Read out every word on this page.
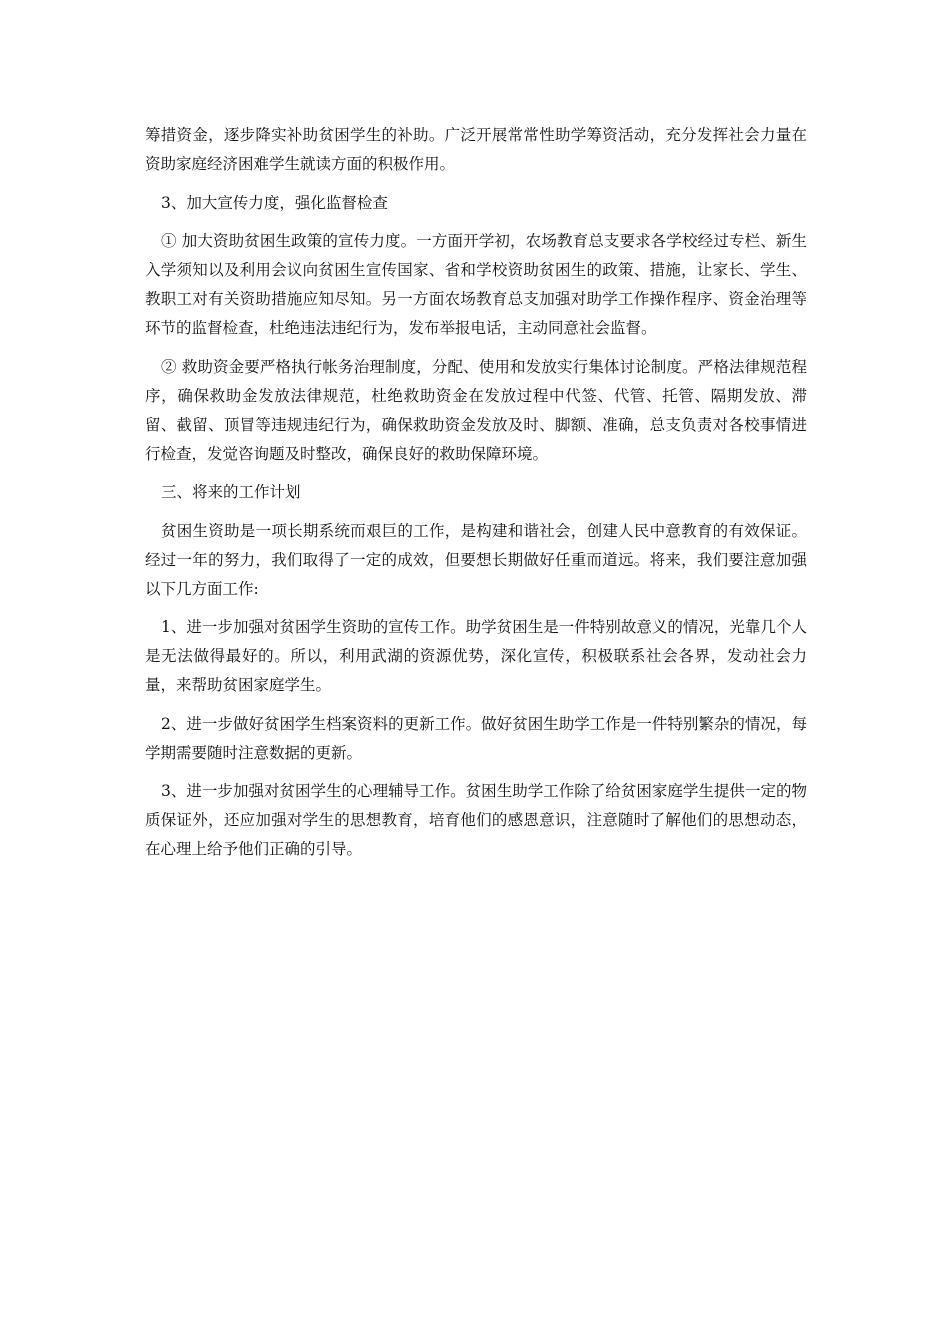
筹措资金，逐步降实补助贫困学生的补助。广泛开展常常性助学筹资活动，充分发挥社会力量在资助家庭经济困难学生就读方面的积极作用。

3、加大宣传力度，强化监督检查

① 加大资助贫困生政策的宣传力度。一方面开学初，农场教育总支要求各学校经过专栏、新生入学须知以及利用会议向贫困生宣传国家、省和学校资助贫困生的政策、措施，让家长、学生、教职工对有关资助措施应知尽知。另一方面农场教育总支加强对助学工作操作程序、资金治理等环节的监督检查，杜绝违法违纪行为，发布举报电话，主动同意社会监督。

② 救助资金要严格执行帐务治理制度，分配、使用和发放实行集体讨论制度。严格法律规范程序，确保救助金发放法律规范，杜绝救助资金在发放过程中代签、代管、托管、隔期发放、滞留、截留、顶冒等违规违纪行为，确保救助资金发放及时、脚额、准确，总支负责对各校事情进行检查，发觉咨询题及时整改，确保良好的救助保障环境。

三、将来的工作计划

贫困生资助是一项长期系统而艰巨的工作，是构建和谐社会，创建人民中意教育的有效保证。经过一年的努力，我们取得了一定的成效，但要想长期做好任重而道远。将来，我们要注意加强以下几方面工作:

1、进一步加强对贫困学生资助的宣传工作。助学贫困生是一件特别故意义的情况，光靠几个人是无法做得最好的。所以，利用武湖的资源优势，深化宣传，积极联系社会各界，发动社会力量，来帮助贫困家庭学生。

2、进一步做好贫困学生档案资料的更新工作。做好贫困生助学工作是一件特别繁杂的情况，每学期需要随时注意数据的更新。

3、进一步加强对贫困学生的心理辅导工作。贫困生助学工作除了给贫困家庭学生提供一定的物质保证外，还应加强对学生的思想教育，培育他们的感恩意识，注意随时了解他们的思想动态，在心理上给予他们正确的引导。
